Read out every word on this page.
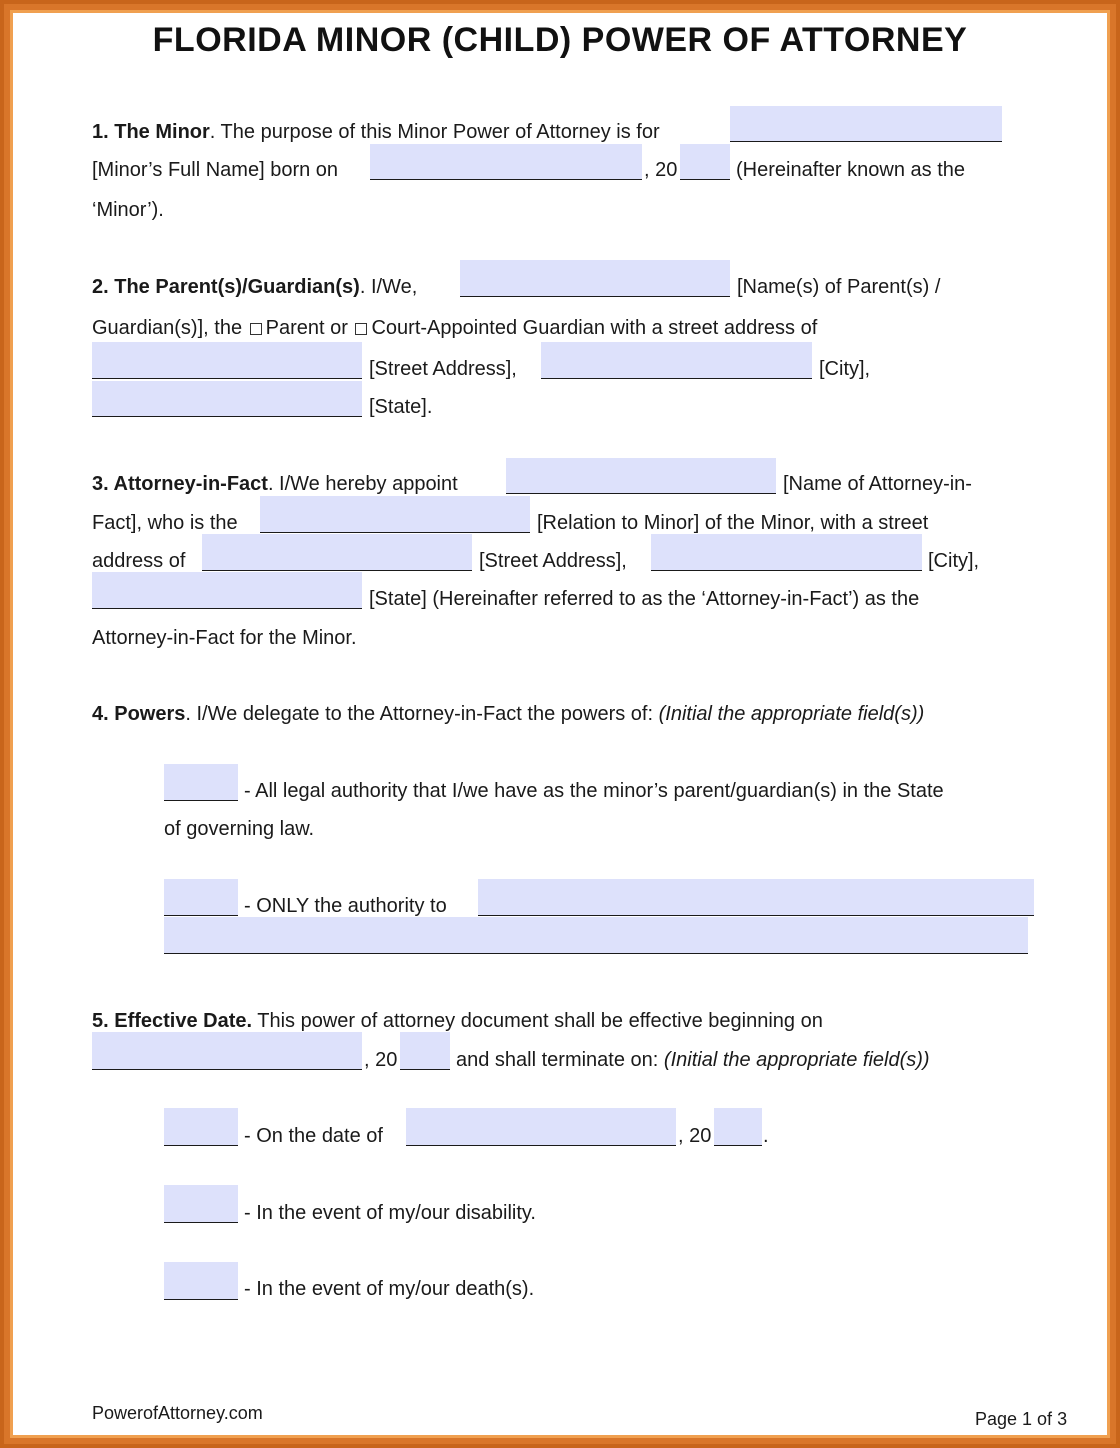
FLORIDA MINOR (CHILD) POWER OF ATTORNEY
1. The Minor. The purpose of this Minor Power of Attorney is for
[Minor’s Full Name] born on	, 20	(Hereinafter known as the
‘Minor’).
2. The Parent(s)/Guardian(s). I/We,	[Name(s) of Parent(s) /
Guardian(s)], the Parent or Court-Appointed Guardian with a street address of
[Street Address],	[City],
[State].
3. Attorney-in-Fact. I/We hereby appoint	[Name of Attorney-in-
Fact], who is the	[Relation to Minor] of the Minor, with a street
address of	[Street Address],	[City],
[State] (Hereinafter referred to as the ‘Attorney-in-Fact’) as the
Attorney-in-Fact for the Minor.
4. Powers. I/We delegate to the Attorney-in-Fact the powers of: (Initial the appropriate field(s))
- All legal authority that I/we have as the minor’s parent/guardian(s) in the State
of governing law.
- ONLY the authority to
5. Effective Date. This power of attorney document shall be effective beginning on
, 20	and shall terminate on: (Initial the appropriate field(s))
- On the date of	, 20	.
- In the event of my/our disability.
- In the event of my/our death(s).
PowerofAttorney.com	Page 1 of 3
